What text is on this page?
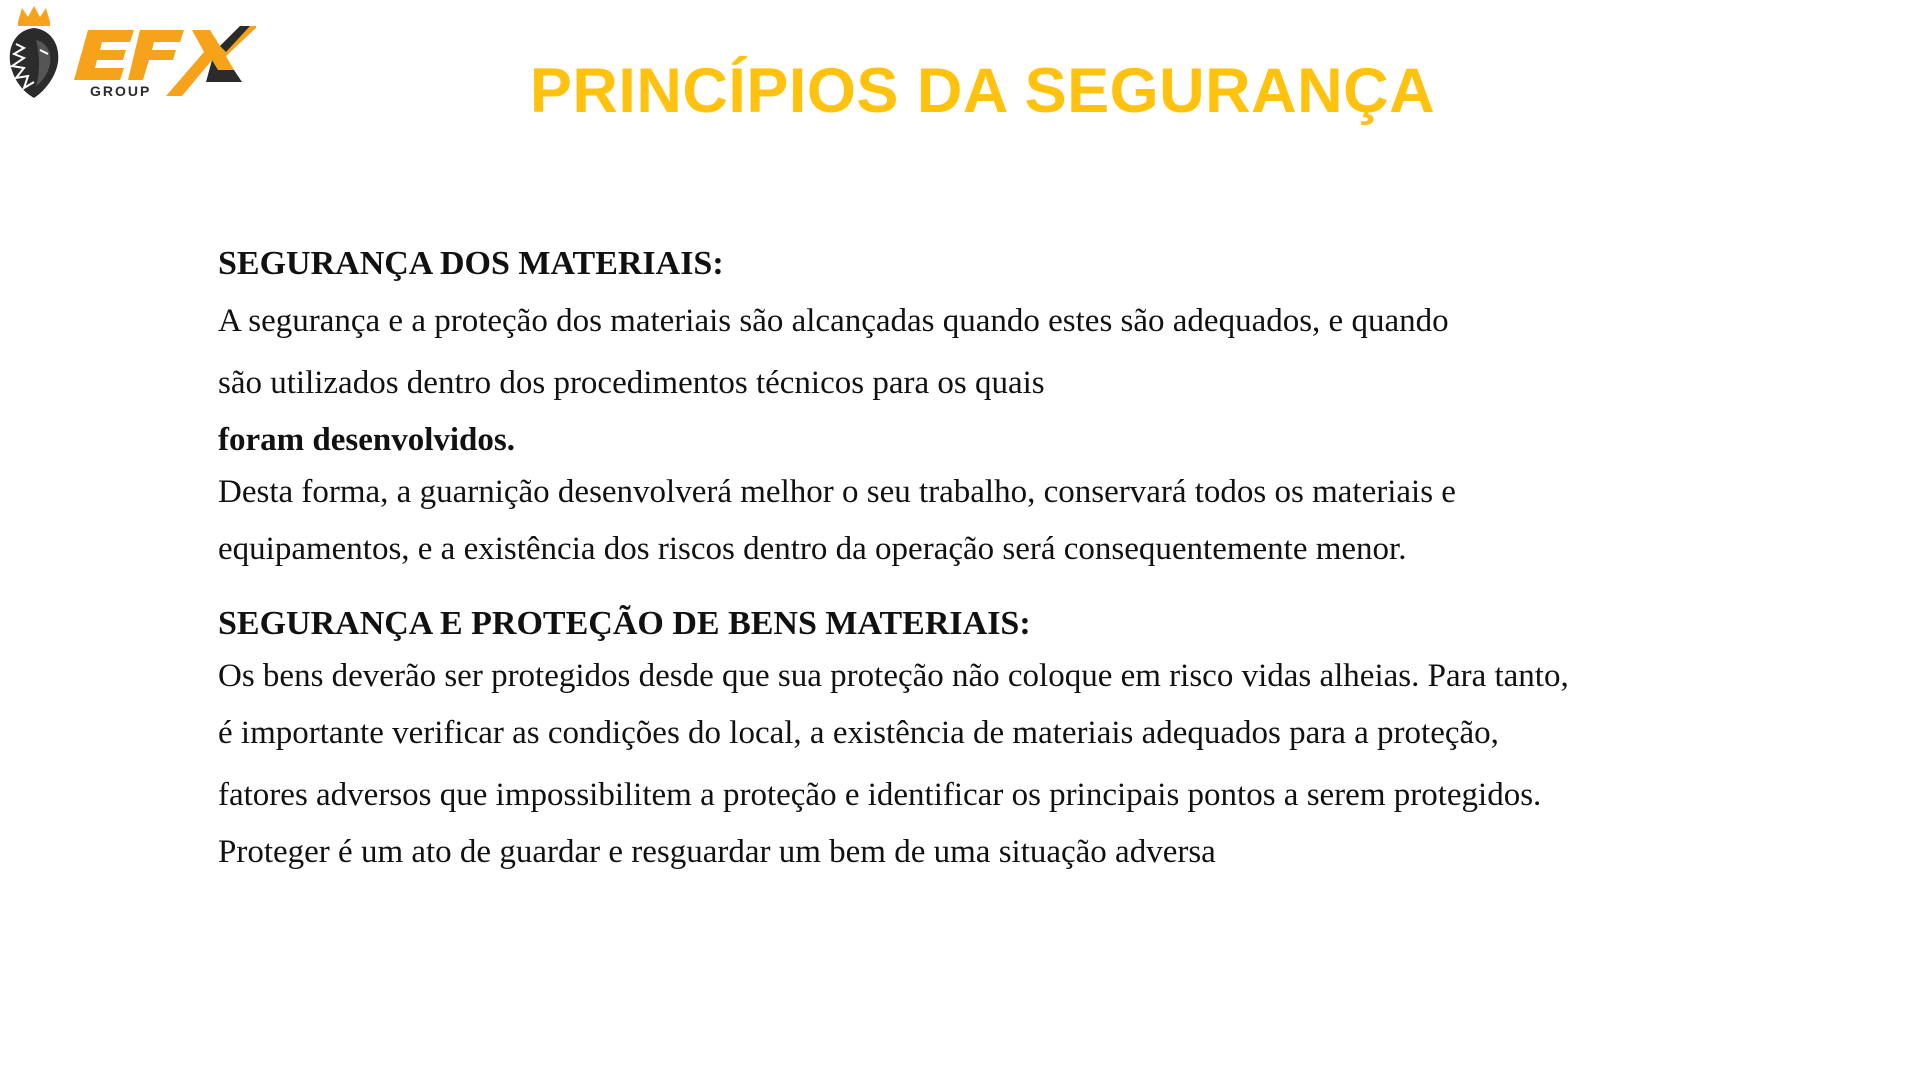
GROUP	PRINCÍPIOS DA SEGURANÇA
SEGURANÇA DOS MATERIAIS:
A segurança e a proteção dos materiais são alcançadas quando estes são adequados, e quando
são utilizados dentro dos procedimentos técnicos para os quais
foram desenvolvidos.
Desta forma, a guarnição desenvolverá melhor o seu trabalho, conservará todos os materiais e
equipamentos, e a existência dos riscos dentro da operação será consequentemente menor.
SEGURANÇA E PROTEÇÃO DE BENS MATERIAIS:
Os bens deverão ser protegidos desde que sua proteção não coloque em risco vidas alheias. Para tanto,
é importante verificar as condições do local, a existência de materiais adequados para a proteção,
fatores adversos que impossibilitem a proteção e identificar os principais pontos a serem protegidos.
Proteger é um ato de guardar e resguardar um bem de uma situação adversa
